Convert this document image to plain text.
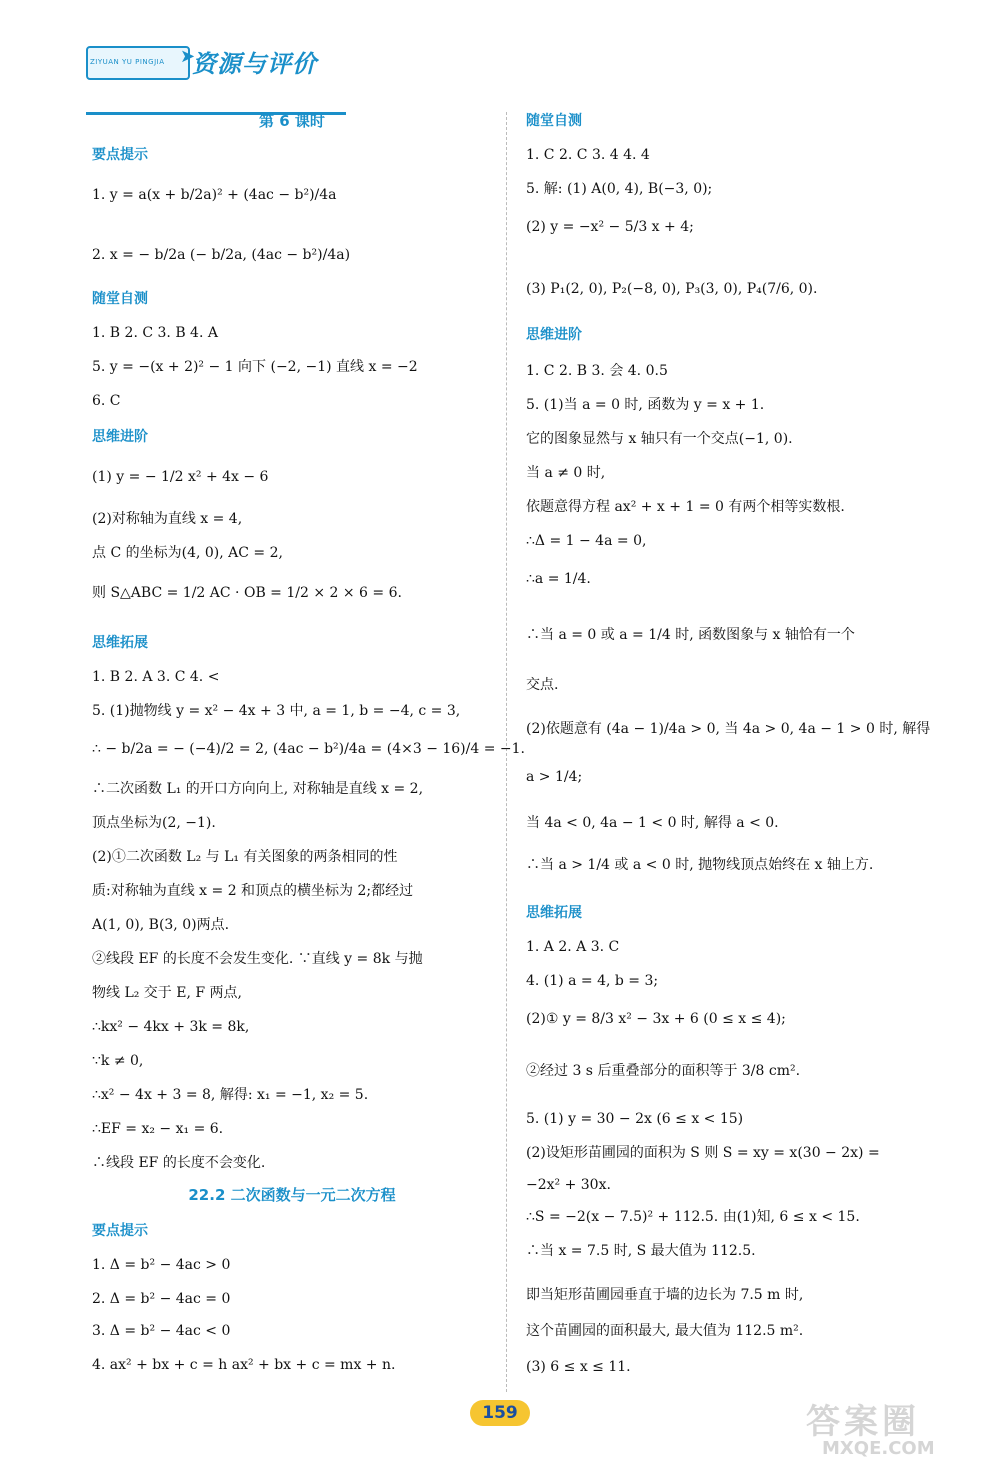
ZIYUAN YU PINGJIA ➤
资源与评价
第 6 课时
要点提示
1. y = a(x + b/2a)² + (4ac − b²)/4a
2. x = − b/2a (− b/2a, (4ac − b²)/4a)
随堂自测
1. B 2. C 3. B 4. A
5. y = −(x + 2)² − 1 向下 (−2, −1) 直线 x = −2
6. C
思维进阶
(1) y = − 1/2 x² + 4x − 6
(2)对称轴为直线 x = 4,
点 C 的坐标为(4, 0), AC = 2,
则 S△ABC = 1/2 AC · OB = 1/2 × 2 × 6 = 6.
思维拓展
1. B 2. A 3. C 4. <
5. (1)抛物线 y = x² − 4x + 3 中, a = 1, b = −4, c = 3,
∴ − b/2a = − (−4)/2 = 2, (4ac − b²)/4a = (4×3 − 16)/4 = −1.
∴二次函数 L₁ 的开口方向向上, 对称轴是直线 x = 2,
顶点坐标为(2, −1).
(2)①二次函数 L₂ 与 L₁ 有关图象的两条相同的性
质:对称轴为直线 x = 2 和顶点的横坐标为 2;都经过
A(1, 0), B(3, 0)两点.
②线段 EF 的长度不会发生变化. ∵直线 y = 8k 与抛
物线 L₂ 交于 E, F 两点,
∴kx² − 4kx + 3k = 8k,
∵k ≠ 0,
∴x² − 4x + 3 = 8, 解得: x₁ = −1, x₂ = 5.
∴EF = x₂ − x₁ = 6.
∴线段 EF 的长度不会变化.
22.2 二次函数与一元二次方程
要点提示
1. Δ = b² − 4ac > 0
2. Δ = b² − 4ac = 0
3. Δ = b² − 4ac < 0
4. ax² + bx + c = h ax² + bx + c = mx + n.
随堂自测
1. C 2. C 3. 4 4. 4
5. 解: (1) A(0, 4), B(−3, 0);
(2) y = −x² − 5/3 x + 4;
(3) P₁(2, 0), P₂(−8, 0), P₃(3, 0), P₄(7/6, 0).
思维进阶
1. C 2. B 3. 会 4. 0.5
5. (1)当 a = 0 时, 函数为 y = x + 1.
它的图象显然与 x 轴只有一个交点(−1, 0).
当 a ≠ 0 时,
依题意得方程 ax² + x + 1 = 0 有两个相等实数根.
∴Δ = 1 − 4a = 0,
∴a = 1/4.
∴当 a = 0 或 a = 1/4 时, 函数图象与 x 轴恰有一个
交点.
(2)依题意有 (4a − 1)/4a > 0, 当 4a > 0, 4a − 1 > 0 时, 解得
a > 1/4;
当 4a < 0, 4a − 1 < 0 时, 解得 a < 0.
∴当 a > 1/4 或 a < 0 时, 抛物线顶点始终在 x 轴上方.
思维拓展
1. A 2. A 3. C
4. (1) a = 4, b = 3;
(2)① y = 8/3 x² − 3x + 6 (0 ≤ x ≤ 4);
②经过 3 s 后重叠部分的面积等于 3/8 cm².
5. (1) y = 30 − 2x (6 ≤ x < 15)
(2)设矩形苗圃园的面积为 S 则 S = xy = x(30 − 2x) =
−2x² + 30x.
∴S = −2(x − 7.5)² + 112.5. 由(1)知, 6 ≤ x < 15.
∴当 x = 7.5 时, S 最大值为 112.5.
即当矩形苗圃园垂直于墙的边长为 7.5 m 时,
这个苗圃园的面积最大, 最大值为 112.5 m².
(3) 6 ≤ x ≤ 11.
159	答案圈
MXQE.COM
